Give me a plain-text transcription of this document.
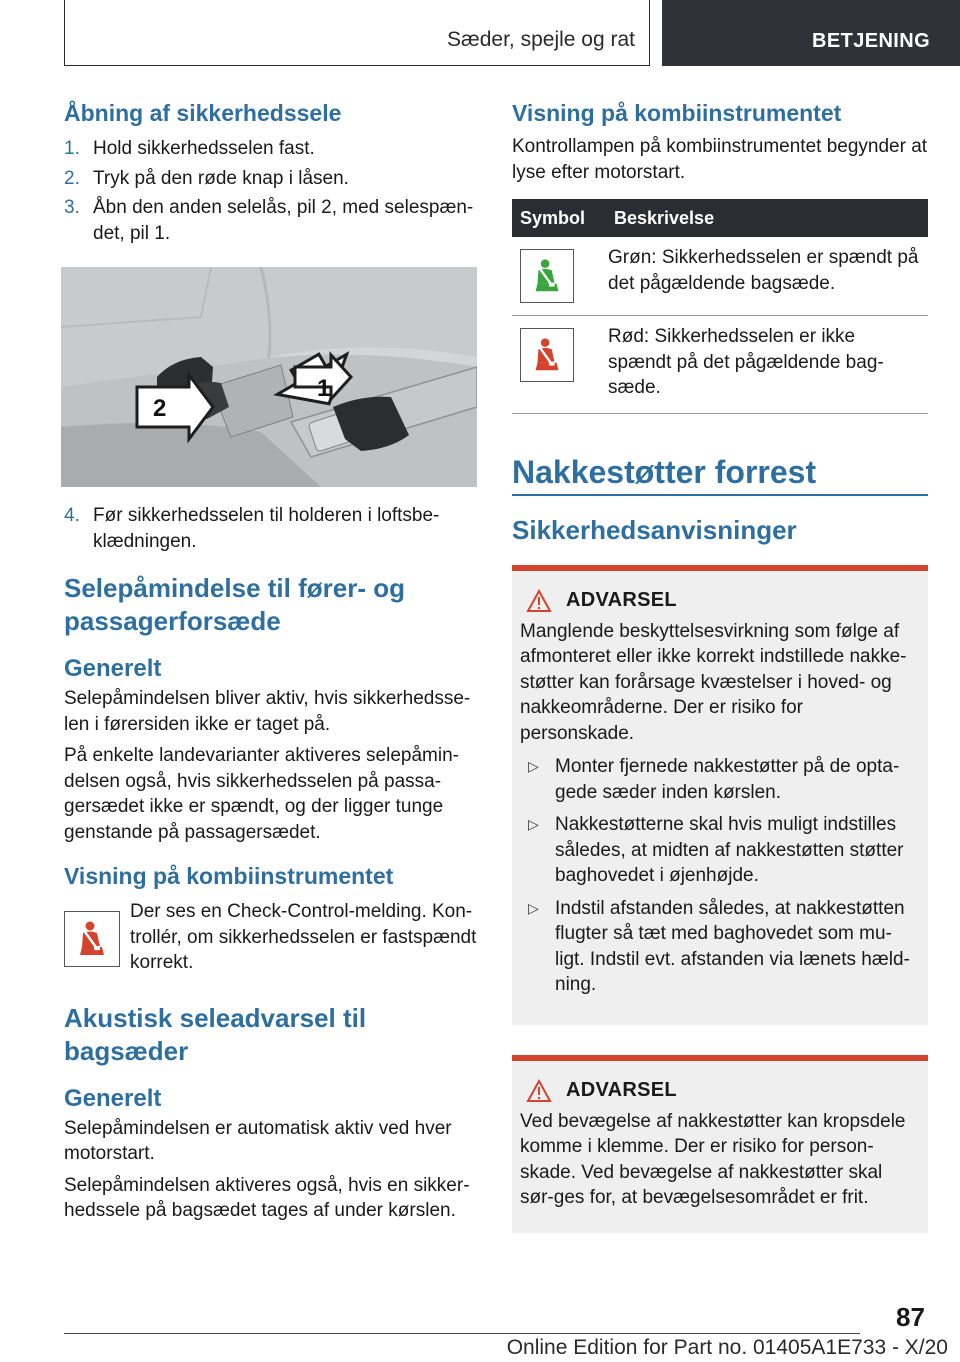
Sæder, spejle og rat	BETJENING
Åbning af sikkerhedssele
1. Hold sikkerhedsselen fast.
2. Tryk på den røde knap i låsen.
3. Åbn den anden selelås, pil 2, med selespæn-det, pil 1.
1
2
4. Før sikkerhedsselen til holderen i loftsbe-klædningen.
Selepåmindelse til fører- og passagerforsæde
Generelt

Selepåmindelsen bliver aktiv, hvis sikkerhedsse-len i førersiden ikke er taget på.

På enkelte landevarianter aktiveres selepåmin-delsen også, hvis sikkerhedsselen på passa-gersædet ikke er spændt, og der ligger tunge genstande på passagersædet.

Visning på kombiinstrumentet

Der ses en Check-Control-melding. Kon-trollér, om sikkerhedsselen er fastspændt korrekt.

Akustisk seleadvarsel til bagsæder
Generelt

Selepåmindelsen er automatisk aktiv ved hver motorstart.

Selepåmindelsen aktiveres også, hvis en sikker-hedssele på bagsædet tages af under kørslen.

Visning på kombiinstrumentet

Kontrollampen på kombiinstrumentet begynder at lyse efter motorstart.

Symbol	Beskrivelse

	Grøn: Sikkerhedsselen er spændt på det pågældende bagsæde.

	Rød: Sikkerhedsselen er ikke spændt på det pågældende bag-sæde.
Nakkestøtter forrest
Sikkerhedsanvisninger
ADVARSEL

Manglende beskyttelsesvirkning som følge af afmonteret eller ikke korrekt indstillede nakke-støtter kan forårsage kvæstelser i hoved- og nakkeområderne. Der er risiko for personskade.

▷ Monter fjernede nakkestøtter på de opta-gede sæder inden kørslen.
▷ Nakkestøtterne skal hvis muligt indstilles således, at midten af nakkestøtten støtter baghovedet i øjenhøjde.
▷ Indstil afstanden således, at nakkestøtten flugter så tæt med baghovedet som mu-ligt. Indstil evt. afstanden via lænets hæld-ning.
ADVARSEL

Ved bevægelse af nakkestøtter kan kropsdele komme i klemme. Der er risiko for person-skade. Ved bevægelse af nakkestøtter skal sør-ges for, at bevægelsesområdet er frit.

87
Online Edition for Part no. 01405A1E733 - X/20
